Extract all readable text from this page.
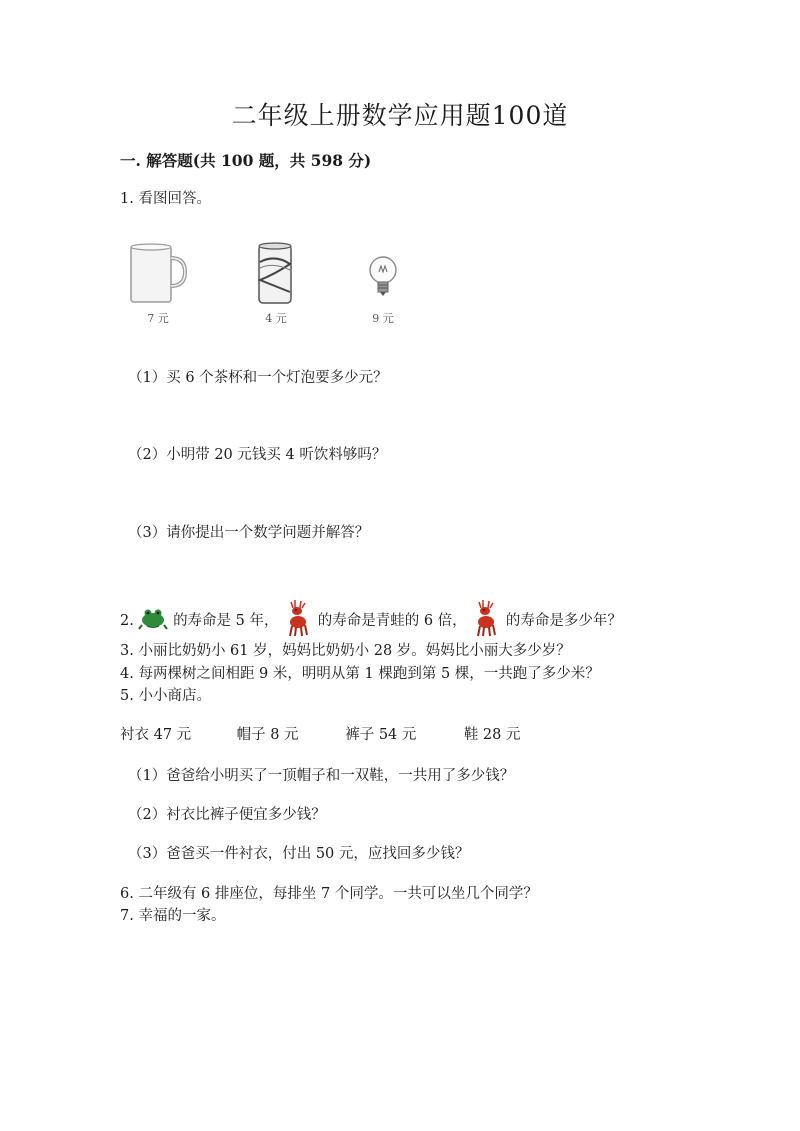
二年级上册数学应用题100道
一. 解答题(共 100 题，共 598 分)
1. 看图回答。
7 元	4 元	9 元
（1）买 6 个茶杯和一个灯泡要多少元？
（2）小明带 20 元钱买 4 听饮料够吗？
（3）请你提出一个数学问题并解答？
2.	的寿命是 5 年，	的寿命是青蛙的 6 倍，	的寿命是多少年？
3. 小丽比奶奶小 61 岁，妈妈比奶奶小 28 岁。妈妈比小丽大多少岁？
4. 每两棵树之间相距 9 米，明明从第 1 棵跑到第 5 棵，一共跑了多少米？
5. 小小商店。
衬衣 47 元	帽子 8 元	裤子 54 元	鞋 28 元
（1）爸爸给小明买了一顶帽子和一双鞋，一共用了多少钱？
（2）衬衣比裤子便宜多少钱？
（3）爸爸买一件衬衣，付出 50 元，应找回多少钱？
6. 二年级有 6 排座位，每排坐 7 个同学。一共可以坐几个同学？
7. 幸福的一家。
